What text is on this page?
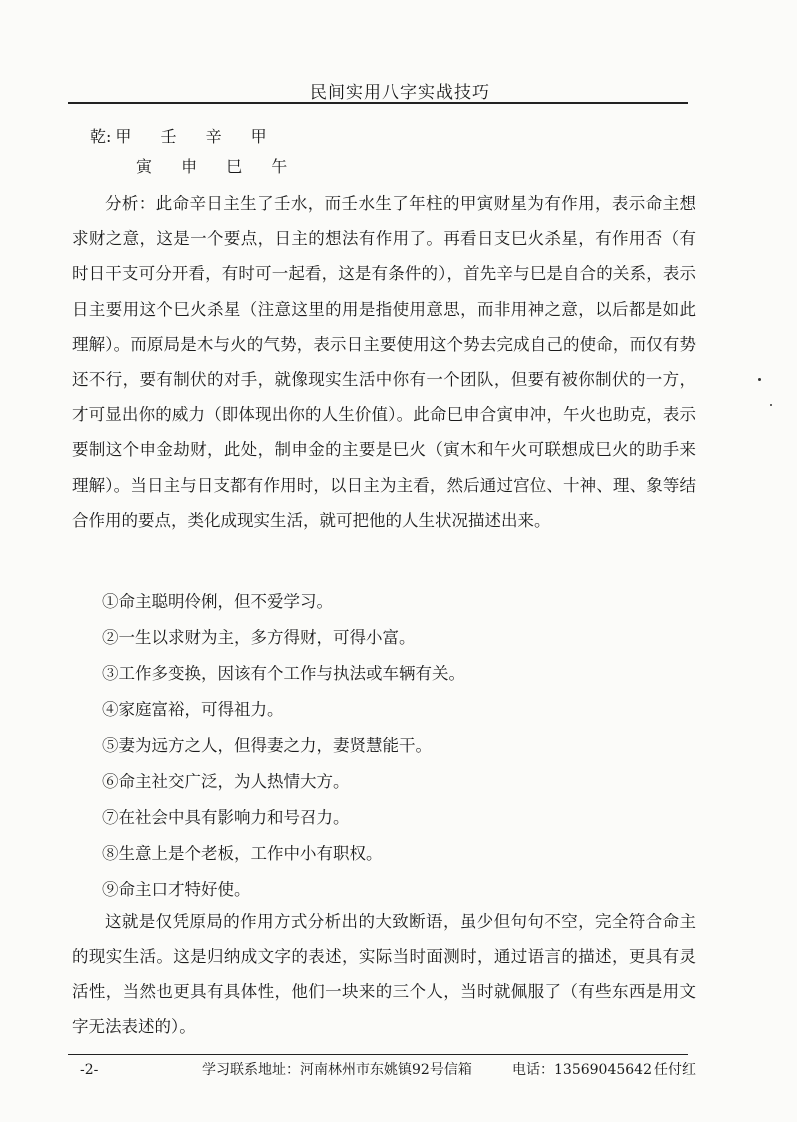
民间实用八字实战技巧
乾: 甲 壬 辛 甲
寅 申 巳 午

分析：此命辛日主生了壬水，而壬水生了年柱的甲寅财星为有作用，表示命主想求财之意，这是一个要点，日主的想法有作用了。再看日支巳火杀星，有作用否（有时日干支可分开看，有时可一起看，这是有条件的），首先辛与巳是自合的关系，表示日主要用这个巳火杀星（注意这里的用是指使用意思，而非用神之意，以后都是如此理解）。而原局是木与火的气势，表示日主要使用这个势去完成自己的使命，而仅有势还不行，要有制伏的对手，就像现实生活中你有一个团队，但要有被你制伏的一方，才可显出你的威力（即体现出你的人生价值）。此命巳申合寅申冲，午火也助克，表示要制这个申金劫财，此处，制申金的主要是巳火（寅木和午火可联想成巳火的助手来理解）。当日主与日支都有作用时，以日主为主看，然后通过宫位、十神、理、象等结合作用的要点，类化成现实生活，就可把他的人生状况描述出来。

①命主聪明伶俐，但不爱学习。
②一生以求财为主，多方得财，可得小富。
③工作多变换，因该有个工作与执法或车辆有关。
④家庭富裕，可得祖力。
⑤妻为远方之人，但得妻之力，妻贤慧能干。
⑥命主社交广泛，为人热情大方。
⑦在社会中具有影响力和号召力。
⑧生意上是个老板，工作中小有职权。
⑨命主口才特好使。

这就是仅凭原局的作用方式分析出的大致断语，虽少但句句不空，完全符合命主的现实生活。这是归纳成文字的表述，实际当时面测时，通过语言的描述，更具有灵活性，当然也更具有具体性，他们一块来的三个人，当时就佩服了（有些东西是用文字无法表述的）。

-2-	学习联系地址：河南林州市东姚镇92号信箱	电话：13569045642 任付红
